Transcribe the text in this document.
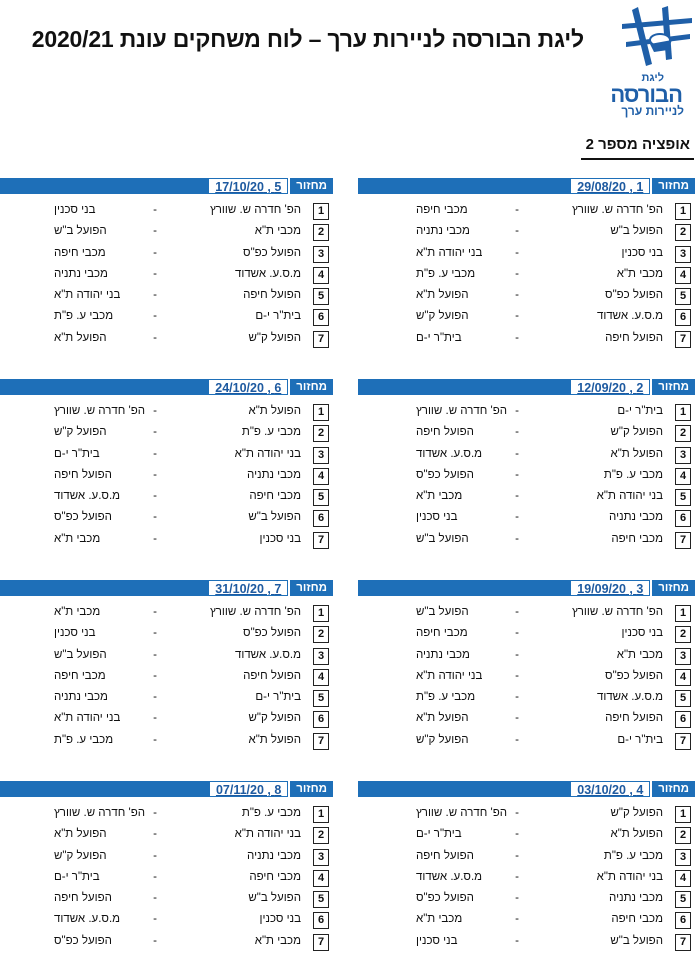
ליגת הבורסה לניירות ערך – לוח משחקים עונת 2020/21
ליגת
הבורסה
לניירות ערך
אופציה מספר 2
מחזור
1 , 29/08/20
1
הפ' חדרה ש. שוורץ
-
מכבי חיפה
2
הפועל ב"ש
-
מכבי נתניה
3
בני סכנין
-
בני יהודה ת"א
4
מכבי ת"א
-
מכבי ע. פ"ת
5
הפועל כפ"ס
-
הפועל ת"א
6
מ.ס.ע. אשדוד
-
הפועל ק"ש
7
הפועל חיפה
-
בית"ר י-ם
מחזור
2 , 12/09/20
1
בית"ר י-ם
-
הפ' חדרה ש. שוורץ
2
הפועל ק"ש
-
הפועל חיפה
3
הפועל ת"א
-
מ.ס.ע. אשדוד
4
מכבי ע. פ"ת
-
הפועל כפ"ס
5
בני יהודה ת"א
-
מכבי ת"א
6
מכבי נתניה
-
בני סכנין
7
מכבי חיפה
-
הפועל ב"ש
מחזור
3 , 19/09/20
1
הפ' חדרה ש. שוורץ
-
הפועל ב"ש
2
בני סכנין
-
מכבי חיפה
3
מכבי ת"א
-
מכבי נתניה
4
הפועל כפ"ס
-
בני יהודה ת"א
5
מ.ס.ע. אשדוד
-
מכבי ע. פ"ת
6
הפועל חיפה
-
הפועל ת"א
7
בית"ר י-ם
-
הפועל ק"ש
מחזור
4 , 03/10/20
1
הפועל ק"ש
-
הפ' חדרה ש. שוורץ
2
הפועל ת"א
-
בית"ר י-ם
3
מכבי ע. פ"ת
-
הפועל חיפה
4
בני יהודה ת"א
-
מ.ס.ע. אשדוד
5
מכבי נתניה
-
הפועל כפ"ס
6
מכבי חיפה
-
מכבי ת"א
7
הפועל ב"ש
-
בני סכנין
מחזור
5 , 17/10/20
1
הפ' חדרה ש. שוורץ
-
בני סכנין
2
מכבי ת"א
-
הפועל ב"ש
3
הפועל כפ"ס
-
מכבי חיפה
4
מ.ס.ע. אשדוד
-
מכבי נתניה
5
הפועל חיפה
-
בני יהודה ת"א
6
בית"ר י-ם
-
מכבי ע. פ"ת
7
הפועל ק"ש
-
הפועל ת"א
מחזור
6 , 24/10/20
1
הפועל ת"א
-
הפ' חדרה ש. שוורץ
2
מכבי ע. פ"ת
-
הפועל ק"ש
3
בני יהודה ת"א
-
בית"ר י-ם
4
מכבי נתניה
-
הפועל חיפה
5
מכבי חיפה
-
מ.ס.ע. אשדוד
6
הפועל ב"ש
-
הפועל כפ"ס
7
בני סכנין
-
מכבי ת"א
מחזור
7 , 31/10/20
1
הפ' חדרה ש. שוורץ
-
מכבי ת"א
2
הפועל כפ"ס
-
בני סכנין
3
מ.ס.ע. אשדוד
-
הפועל ב"ש
4
הפועל חיפה
-
מכבי חיפה
5
בית"ר י-ם
-
מכבי נתניה
6
הפועל ק"ש
-
בני יהודה ת"א
7
הפועל ת"א
-
מכבי ע. פ"ת
מחזור
8 , 07/11/20
1
מכבי ע. פ"ת
-
הפ' חדרה ש. שוורץ
2
בני יהודה ת"א
-
הפועל ת"א
3
מכבי נתניה
-
הפועל ק"ש
4
מכבי חיפה
-
בית"ר י-ם
5
הפועל ב"ש
-
הפועל חיפה
6
בני סכנין
-
מ.ס.ע. אשדוד
7
מכבי ת"א
-
הפועל כפ"ס
